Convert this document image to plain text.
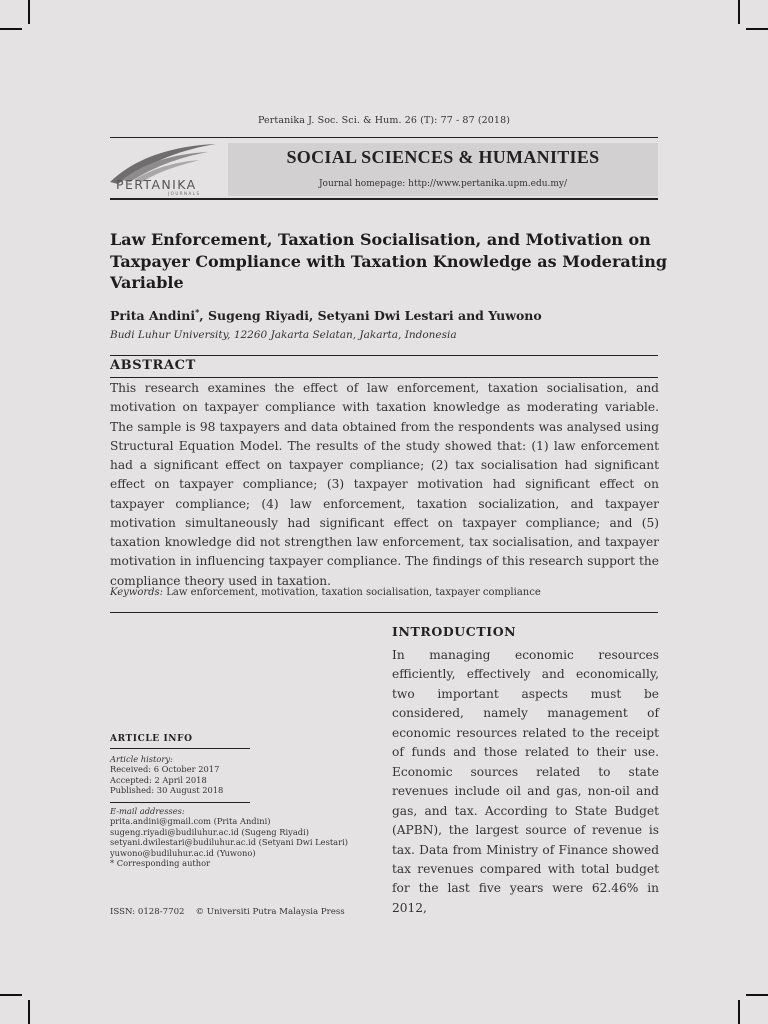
Pertanika J. Soc. Sci. & Hum. 26 (T): 77 - 87 (2018)
PERTANIKA
JOURNALS
SOCIAL SCIENCES & HUMANITIES
Journal homepage: http://www.pertanika.upm.edu.my/
Law Enforcement, Taxation Socialisation, and Motivation on Taxpayer Compliance with Taxation Knowledge as Moderating Variable
Prita Andini*, Sugeng Riyadi, Setyani Dwi Lestari and Yuwono
Budi Luhur University, 12260 Jakarta Selatan, Jakarta, Indonesia
ABSTRACT
This research examines the effect of law enforcement, taxation socialisation, and motivation on taxpayer compliance with taxation knowledge as moderating variable. The sample is 98 taxpayers and data obtained from the respondents was analysed using Structural Equation Model. The results of the study showed that: (1) law enforcement had a significant effect on taxpayer compliance; (2) tax socialisation had significant effect on taxpayer compliance; (3) taxpayer motivation had significant effect on taxpayer compliance; (4) law enforcement, taxation socialization, and taxpayer motivation simultaneously had significant effect on taxpayer compliance; and (5) taxation knowledge did not strengthen law enforcement, tax socialisation, and taxpayer motivation in influencing taxpayer compliance. The findings of this research support the compliance theory used in taxation.
Keywords: Law enforcement, motivation, taxation socialisation, taxpayer compliance
INTRODUCTION
In managing economic resources efficiently, effectively and economically, two important aspects must be considered, namely management of economic resources related to the receipt of funds and those related to their use. Economic sources related to state revenues include oil and gas, non-oil and gas, and tax. According to State Budget (APBN), the largest source of revenue is tax. Data from Ministry of Finance showed tax revenues compared with total budget for the last five years were 62.46% in 2012,
ARTICLE INFO
Article history:
Received: 6 October 2017
Accepted: 2 April 2018
Published: 30 August 2018
E-mail addresses:
prita.andini@gmail.com (Prita Andini)
sugeng.riyadi@budiluhur.ac.id (Sugeng Riyadi)
setyani.dwilestari@budiluhur.ac.id (Setyani Dwi Lestari)
yuwono@budiluhur.ac.id (Yuwono)
* Corresponding author
ISSN: 0128-7702 © Universiti Putra Malaysia Press
